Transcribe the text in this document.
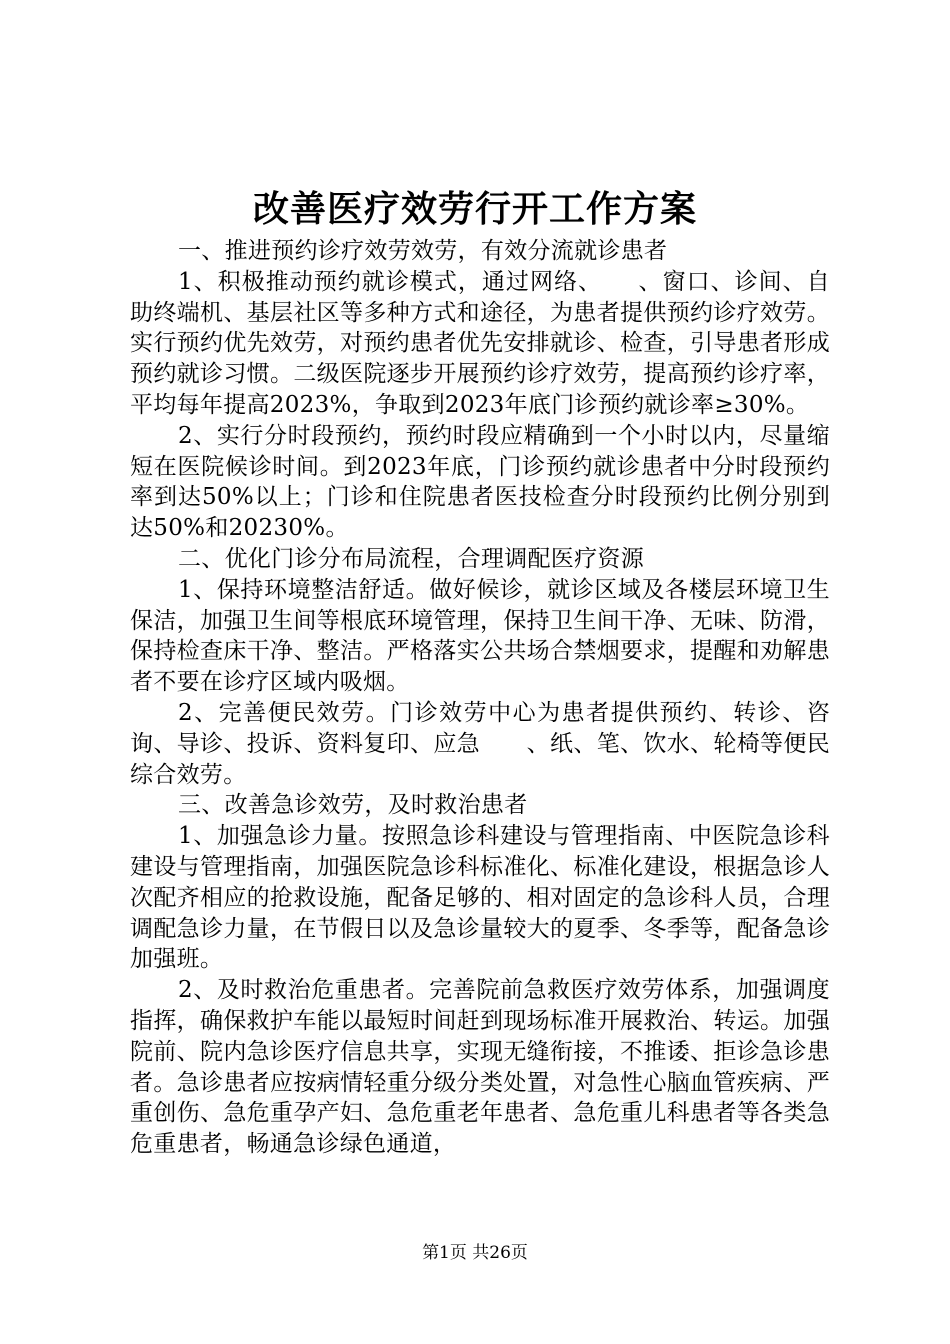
改善医疗效劳行开工作方案

一、推进预约诊疗效劳效劳，有效分流就诊患者

1、积极推动预约就诊模式，通过网络、　　、窗口、诊间、自助终端机、基层社区等多种方式和途径，为患者提供预约诊疗效劳。实行预约优先效劳，对预约患者优先安排就诊、检查，引导患者形成预约就诊习惯。二级医院逐步开展预约诊疗效劳，提高预约诊疗率，平均每年提高2023%，争取到2023年底门诊预约就诊率≥30%。

2、实行分时段预约，预约时段应精确到一个小时以内，尽量缩短在医院候诊时间。到2023年底，门诊预约就诊患者中分时段预约率到达50%以上；门诊和住院患者医技检查分时段预约比例分别到达50%和20230%。

二、优化门诊分布局流程，合理调配医疗资源

1、保持环境整洁舒适。做好候诊，就诊区域及各楼层环境卫生保洁，加强卫生间等根底环境管理，保持卫生间干净、无味、防滑，保持检查床干净、整洁。严格落实公共场合禁烟要求，提醒和劝解患者不要在诊疗区域内吸烟。

2、完善便民效劳。门诊效劳中心为患者提供预约、转诊、咨询、导诊、投诉、资料复印、应急　　、纸、笔、饮水、轮椅等便民综合效劳。

三、改善急诊效劳，及时救治患者

1、加强急诊力量。按照急诊科建设与管理指南、中医院急诊科建设与管理指南，加强医院急诊科标准化、标准化建设，根据急诊人次配齐相应的抢救设施，配备足够的、相对固定的急诊科人员，合理调配急诊力量，在节假日以及急诊量较大的夏季、冬季等，配备急诊加强班。

2、及时救治危重患者。完善院前急救医疗效劳体系，加强调度指挥，确保救护车能以最短时间赶到现场标准开展救治、转运。加强院前、院内急诊医疗信息共享，实现无缝衔接，不推诿、拒诊急诊患者。急诊患者应按病情轻重分级分类处置，对急性心脑血管疾病、严重创伤、急危重孕产妇、急危重老年患者、急危重儿科患者等各类急危重患者，畅通急诊绿色通道，

第1页 共26页
